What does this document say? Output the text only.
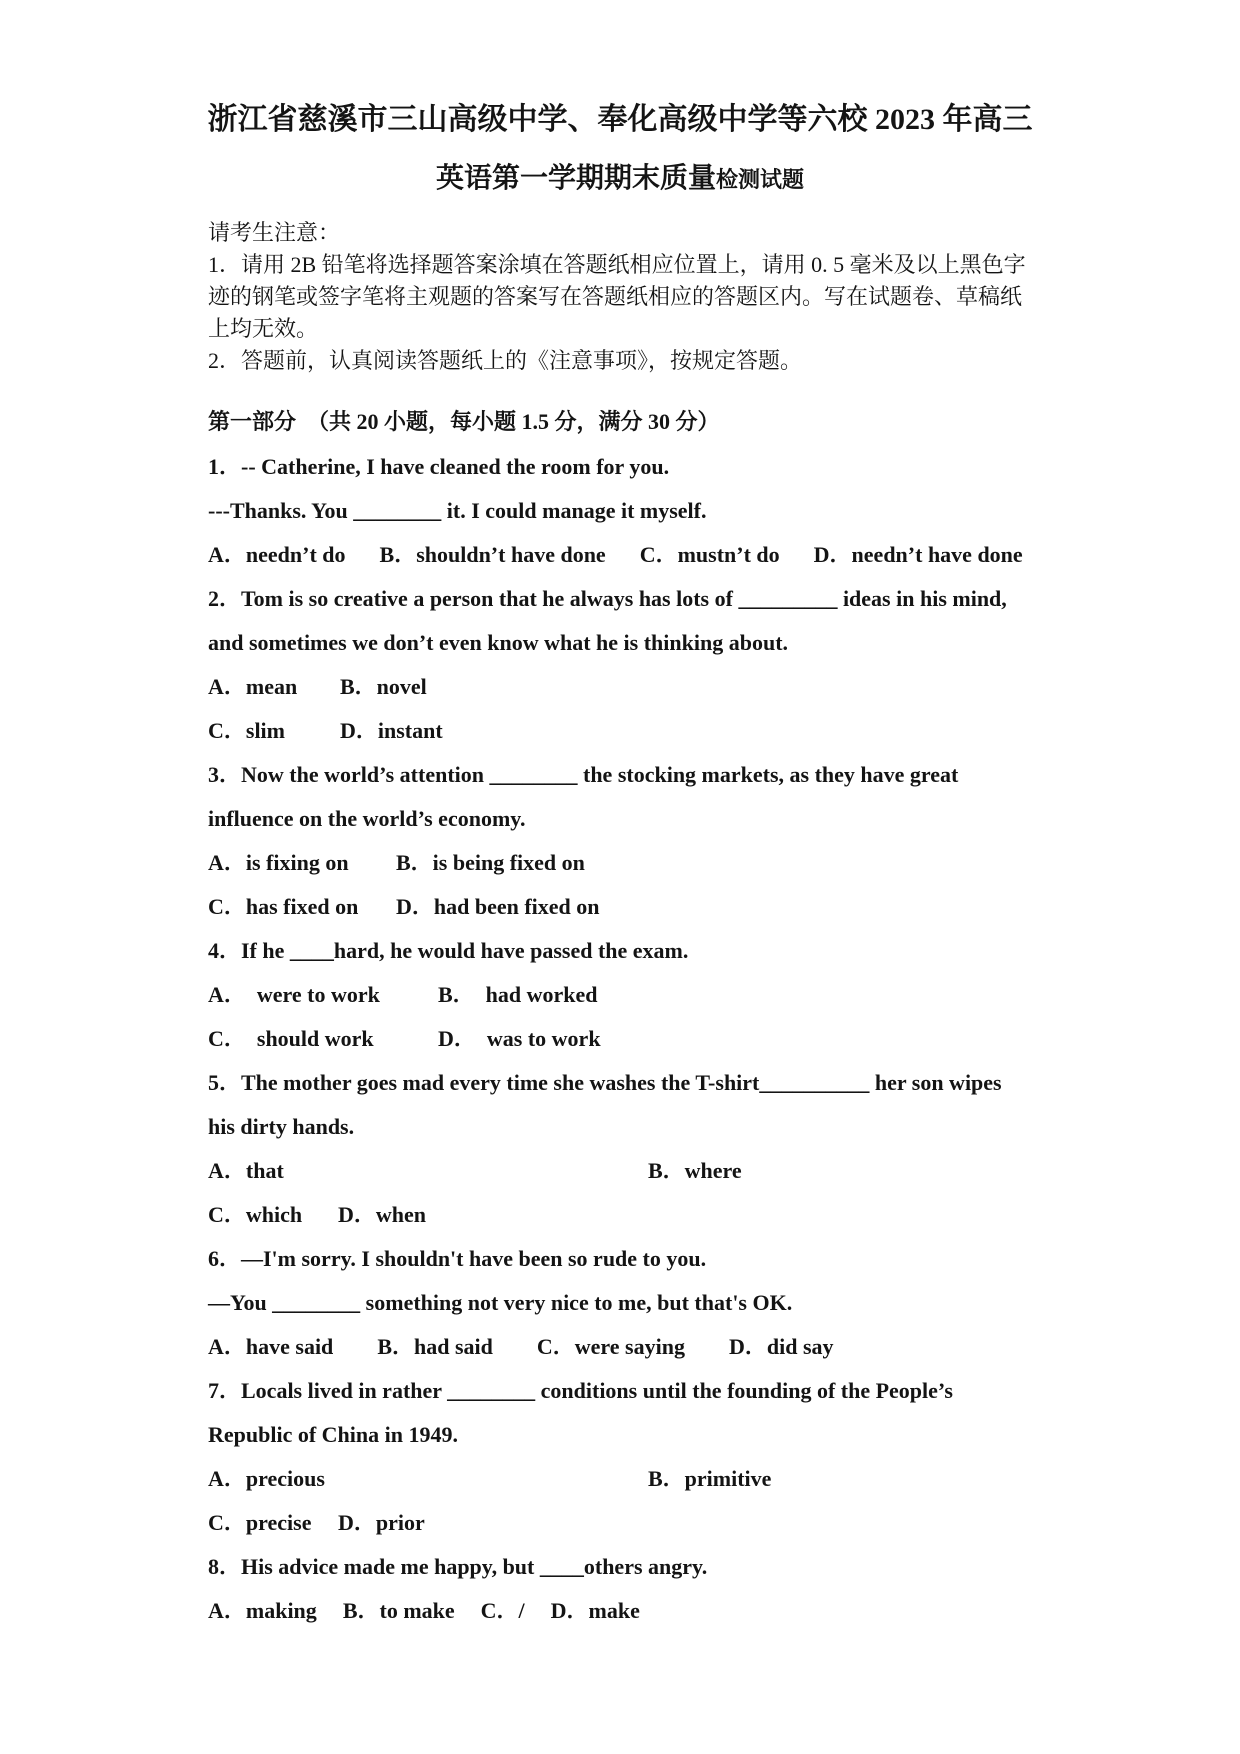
浙江省慈溪市三山高级中学、奉化高级中学等六校 2023 年高三
英语第一学期期末质量检测试题
请考生注意：
1．请用 2B 铅笔将选择题答案涂填在答题纸相应位置上，请用 0. 5 毫米及以上黑色字
迹的钢笔或签字笔将主观题的答案写在答题纸相应的答题区内。写在试题卷、草稿纸
上均无效。
2．答题前，认真阅读答题纸上的《注意事项》，按规定答题。
第一部分　（共 20 小题，每小题 1.5 分，满分 30 分）
1．-- Catherine, I have cleaned the room for you.
---Thanks. You ________ it. I could manage it myself.
A．needn’t do B．shouldn’t have done C．mustn’t do D．needn’t have done
2．Tom is so creative a person that he always has lots of _________ ideas in his mind,
and sometimes we don’t even know what he is thinking about.
A．mean B．novel
C．slim D．instant
3．Now the world’s attention ________ the stocking markets, as they have great
influence on the world’s economy.
A．is fixing on B．is being fixed on
C．has fixed on D．had been fixed on
4．If he ____hard, he would have passed the exam.
A．  were to work	B．  had worked
C．  should work	D．  was to work
5．The mother goes mad every time she washes the T-shirt__________ her son wipes
his dirty hands.
A．that	B．where
C．which D．when
6．—I'm sorry. I shouldn't have been so rude to you.
—You ________ something not very nice to me, but that's OK.
A．have said B．had said C．were saying D．did say
7．Locals lived in rather ________ conditions until the founding of the People’s
Republic of China in 1949.
A．precious	B．primitive
C．precise D．prior
8．His advice made me happy, but ____others angry.
A．making B．to make C．/ D．make
